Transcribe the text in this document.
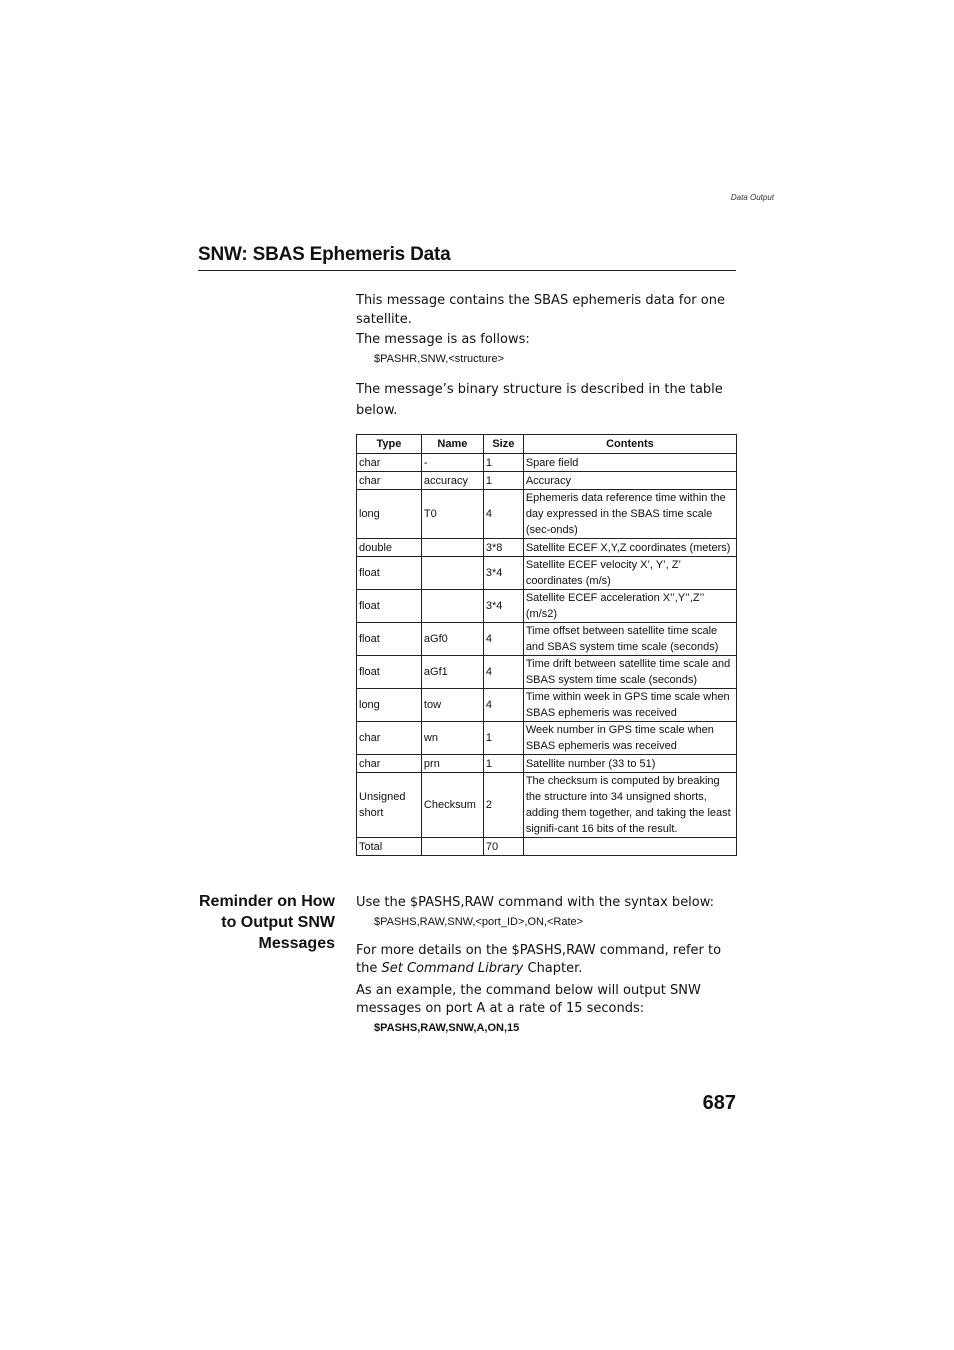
Data Output
SNW: SBAS Ephemeris Data

This message contains the SBAS ephemeris data for one satellite.

The message is as follows:

$PASHR,SNW,<structure>

The message’s binary structure is described in the table below.

Type	Name	Size	Contents
char	-	1	Spare field
char	accuracy	1	Accuracy
long	T0	4	Ephemeris data reference time within the day expressed in the SBAS time scale (sec-onds)
double		3*8	Satellite ECEF X,Y,Z coordinates (meters)
float		3*4	Satellite ECEF velocity X’, Y’, Z’ coordinates (m/s)
float		3*4	Satellite ECEF acceleration X’’,Y’’,Z’’ (m/s2)
float	aGf0	4	Time offset between satellite time scale and SBAS system time scale (seconds)
float	aGf1	4	Time drift between satellite time scale and SBAS system time scale (seconds)
long	tow	4	Time within week in GPS time scale when SBAS ephemeris was received
char	wn	1	Week number in GPS time scale when SBAS ephemeris was received
char	prn	1	Satellite number (33 to 51)
Unsigned short	Checksum	2	The checksum is computed by breaking the structure into 34 unsigned shorts, adding them together, and taking the least signifi-cant 16 bits of the result.
Total		70	
Reminder on How to Output SNW Messages

Use the $PASHS,RAW command with the syntax below:

$PASHS,RAW,SNW,<port_ID>,ON,<Rate>

For more details on the $PASHS,RAW command, refer to the Set Command Library Chapter.

As an example, the command below will output SNW messages on port A at a rate of 15 seconds:

$PASHS,RAW,SNW,A,ON,15
687
